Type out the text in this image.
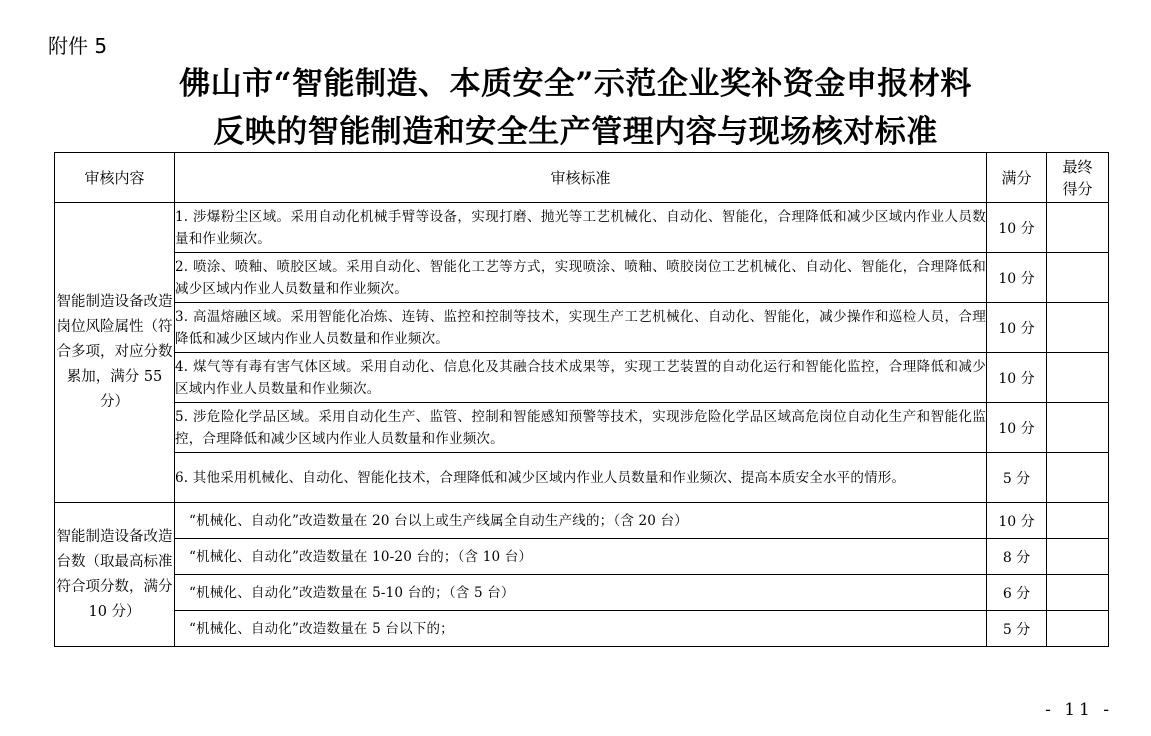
附件 5
佛山市“智能制造、本质安全”示范企业奖补资金申报材料
反映的智能制造和安全生产管理内容与现场核对标准
审核内容	审核标准	满分	最终得分
智能制造设备改造岗位风险属性（符合多项，对应分数累加，满分 55 分）	1. 涉爆粉尘区域。采用自动化机械手臂等设备，实现打磨、抛光等工艺机械化、自动化、智能化，合理降低和减少区域内作业人员数量和作业频次。	10 分	
	2. 喷涂、喷釉、喷胶区域。采用自动化、智能化工艺等方式，实现喷涂、喷釉、喷胶岗位工艺机械化、自动化、智能化，合理降低和减少区域内作业人员数量和作业频次。	10 分	
	3. 高温熔融区域。采用智能化冶炼、连铸、监控和控制等技术，实现生产工艺机械化、自动化、智能化，减少操作和巡检人员，合理降低和减少区域内作业人员数量和作业频次。	10 分	
	4. 煤气等有毒有害气体区域。采用自动化、信息化及其融合技术成果等，实现工艺装置的自动化运行和智能化监控，合理降低和减少区域内作业人员数量和作业频次。	10 分	
	5. 涉危险化学品区域。采用自动化生产、监管、控制和智能感知预警等技术，实现涉危险化学品区域高危岗位自动化生产和智能化监控，合理降低和减少区域内作业人员数量和作业频次。	10 分	
	6. 其他采用机械化、自动化、智能化技术，合理降低和减少区域内作业人员数量和作业频次、提高本质安全水平的情形。	5 分	
智能制造设备改造台数（取最高标准符合项分数，满分 10 分）	“机械化、自动化”改造数量在 20 台以上或生产线属全自动生产线的；（含 20 台）	10 分	
	“机械化、自动化”改造数量在 10-20 台的；（含 10 台）	8 分	
	“机械化、自动化”改造数量在 5-10 台的；（含 5 台）	6 分	
	“机械化、自动化”改造数量在 5 台以下的；	5 分	
- 11 -
